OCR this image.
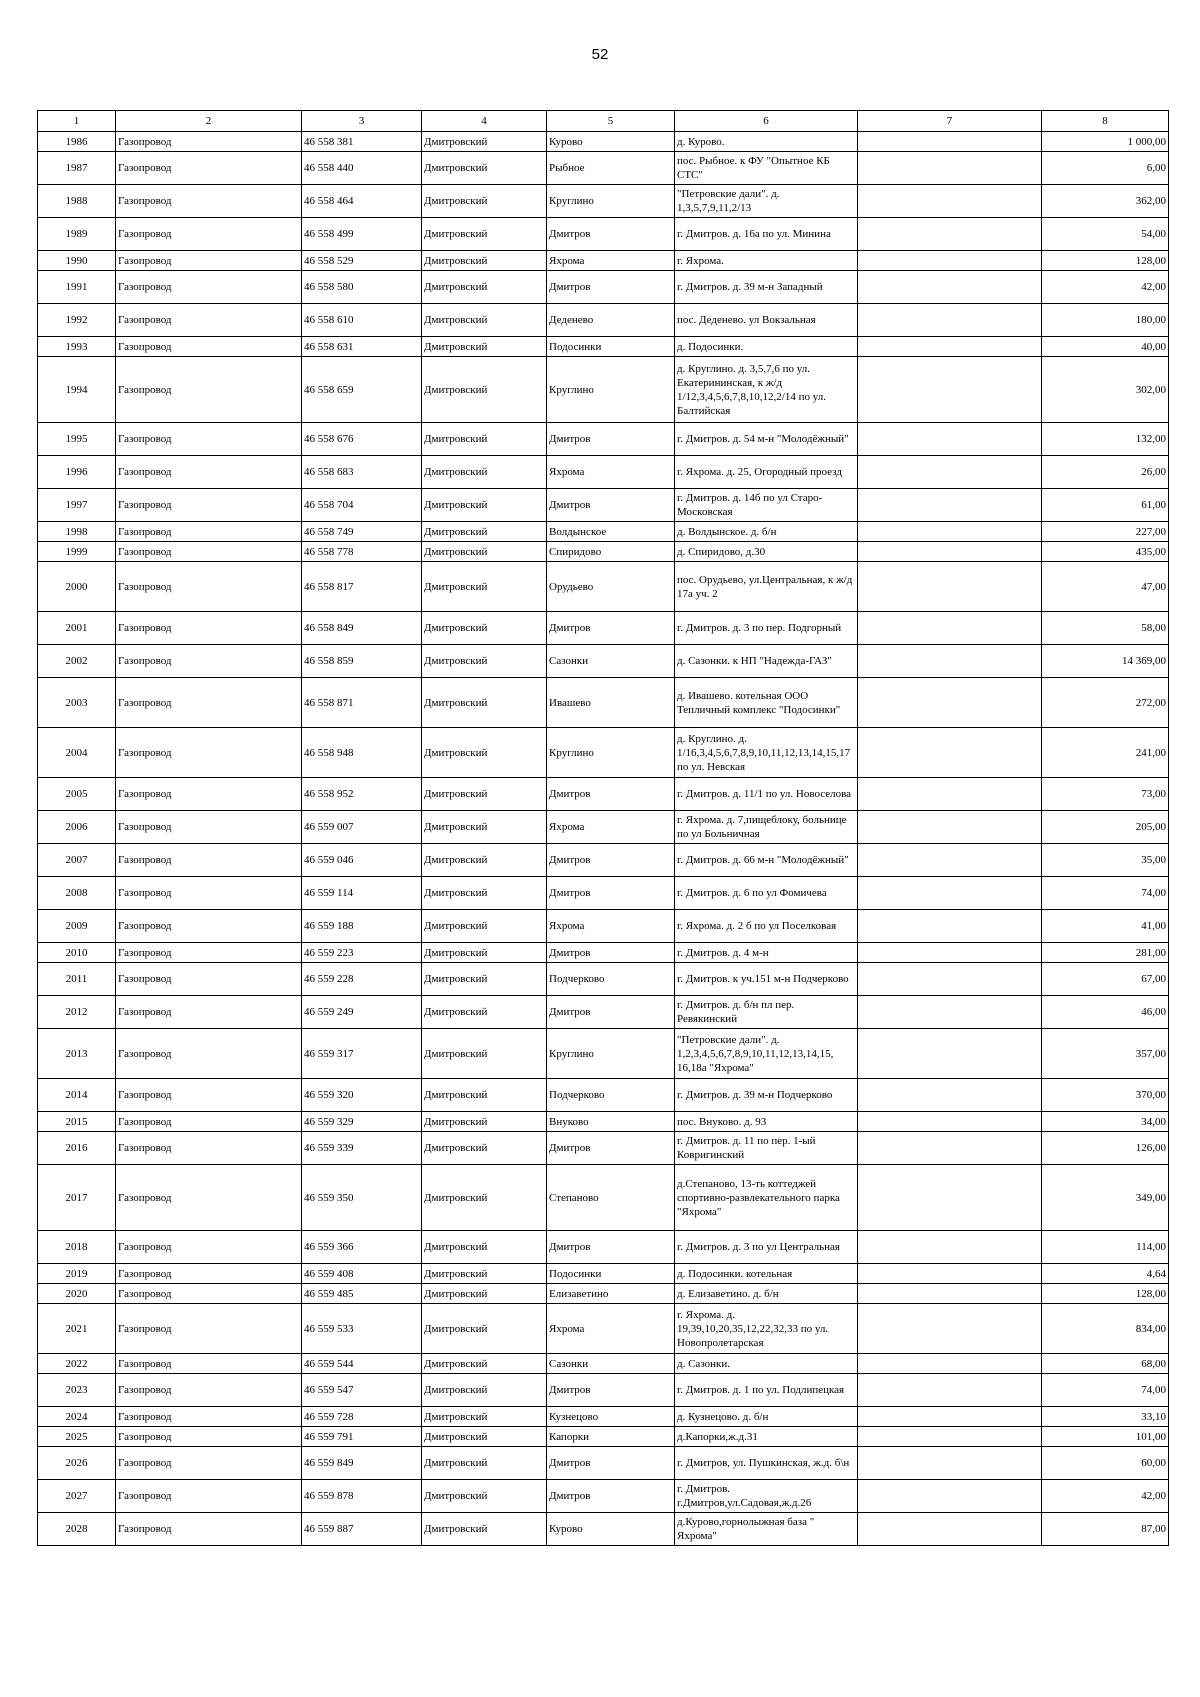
52
1	2	3	4	5	6	7	8
1986	Газопровод	46 558 381	Дмитровский	Курово	д. Курово.		1 000,00
1987	Газопровод	46 558 440	Дмитровский	Рыбное	пос. Рыбное. к ФУ "Опытное КБ СТС"		6,00
1988	Газопровод	46 558 464	Дмитровский	Круглино	"Петровские дали". д. 1,3,5,7,9,11,2/13		362,00
1989	Газопровод	46 558 499	Дмитровский	Дмитров	г. Дмитров. д. 16а по ул. Минина		54,00
1990	Газопровод	46 558 529	Дмитровский	Яхрома	г. Яхрома.		128,00
1991	Газопровод	46 558 580	Дмитровский	Дмитров	г. Дмитров. д. 39 м-н Западный		42,00
1992	Газопровод	46 558 610	Дмитровский	Деденево	пос. Деденево. ул Вокзальная		180,00
1993	Газопровод	46 558 631	Дмитровский	Подосинки	д. Подосинки.		40,00
1994	Газопровод	46 558 659	Дмитровский	Круглино	д. Круглино. д. 3,5,7,6 по ул. Екатерининская, к ж/д 1/12,3,4,5,6,7,8,10,12,2/14 по ул. Балтийская		302,00
1995	Газопровод	46 558 676	Дмитровский	Дмитров	г. Дмитров. д. 54 м-н "Молодёжный"		132,00
1996	Газопровод	46 558 683	Дмитровский	Яхрома	г. Яхрома. д. 25, Огородный проезд		26,00
1997	Газопровод	46 558 704	Дмитровский	Дмитров	г. Дмитров. д. 14б по ул Старо-Московская		61,00
1998	Газопровод	46 558 749	Дмитровский	Волдынское	д. Волдынское. д. б/н		227,00
1999	Газопровод	46 558 778	Дмитровский	Спиридово	д. Спиридово, д.30		435,00
2000	Газопровод	46 558 817	Дмитровский	Орудьево	пос. Орудьево, ул.Центральная, к ж/д 17а уч. 2		47,00
2001	Газопровод	46 558 849	Дмитровский	Дмитров	г. Дмитров. д. 3 по пер. Подгорный		58,00
2002	Газопровод	46 558 859	Дмитровский	Сазонки	д. Сазонки. к НП "Надежда-ГАЗ"		14 369,00
2003	Газопровод	46 558 871	Дмитровский	Ивашево	д. Ивашево. котельная ООО Тепличный комплекс "Подосинки"		272,00
2004	Газопровод	46 558 948	Дмитровский	Круглино	д. Круглино. д. 1/16,3,4,5,6,7,8,9,10,11,12,13,14,15,17 по ул. Невская		241,00
2005	Газопровод	46 558 952	Дмитровский	Дмитров	г. Дмитров. д. 11/1 по ул. Новоселова		73,00
2006	Газопровод	46 559 007	Дмитровский	Яхрома	г. Яхрома. д. 7,пищеблоку, больнице по ул Больничная		205,00
2007	Газопровод	46 559 046	Дмитровский	Дмитров	г. Дмитров. д. 66 м-н "Молодёжный"		35,00
2008	Газопровод	46 559 114	Дмитровский	Дмитров	г. Дмитров. д. 6 по ул Фомичева		74,00
2009	Газопровод	46 559 188	Дмитровский	Яхрома	г. Яхрома. д. 2 б по ул Поселковая		41,00
2010	Газопровод	46 559 223	Дмитровский	Дмитров	г. Дмитров. д. 4 м-н		281,00
2011	Газопровод	46 559 228	Дмитровский	Подчерково	г. Дмитров. к уч.151 м-н Подчерково		67,00
2012	Газопровод	46 559 249	Дмитровский	Дмитров	г. Дмитров. д. б/н пл пер. Ревякинский		46,00
2013	Газопровод	46 559 317	Дмитровский	Круглино	"Петровские дали". д. 1,2,3,4,5,6,7,8,9,10,11,12,13,14,15, 16,18а "Яхрома"		357,00
2014	Газопровод	46 559 320	Дмитровский	Подчерково	г. Дмитров. д. 39 м-н Подчерково		370,00
2015	Газопровод	46 559 329	Дмитровский	Внуково	пос. Внуково. д. 93		34,00
2016	Газопровод	46 559 339	Дмитровский	Дмитров	г. Дмитров. д. 11 по пер. 1-ый Ковригинский		126,00
2017	Газопровод	46 559 350	Дмитровский	Степаново	д.Степаново, 13-ть коттеджей спортивно-развлекательного парка "Яхрома"		349,00
2018	Газопровод	46 559 366	Дмитровский	Дмитров	г. Дмитров. д. 3 по ул Центральная		114,00
2019	Газопровод	46 559 408	Дмитровский	Подосинки	д. Подосинки. котельная		4,64
2020	Газопровод	46 559 485	Дмитровский	Елизаветино	д. Елизаветино. д. б/н		128,00
2021	Газопровод	46 559 533	Дмитровский	Яхрома	г. Яхрома. д. 19,39,10,20,35,12,22,32,33 по ул. Новопролетарская		834,00
2022	Газопровод	46 559 544	Дмитровский	Сазонки	д. Сазонки.		68,00
2023	Газопровод	46 559 547	Дмитровский	Дмитров	г. Дмитров. д. 1 по ул. Подлипецкая		74,00
2024	Газопровод	46 559 728	Дмитровский	Кузнецово	д. Кузнецово. д. б/н		33,10
2025	Газопровод	46 559 791	Дмитровский	Капорки	д.Капорки,ж.д.31		101,00
2026	Газопровод	46 559 849	Дмитровский	Дмитров	г. Дмитров, ул. Пушкинская, ж.д. б\н		60,00
2027	Газопровод	46 559 878	Дмитровский	Дмитров	г. Дмитров. г.Дмитров,ул.Садовая,ж.д.26		42,00
2028	Газопровод	46 559 887	Дмитровский	Курово	д.Курово,горнолыжная база " Яхрома"		87,00
